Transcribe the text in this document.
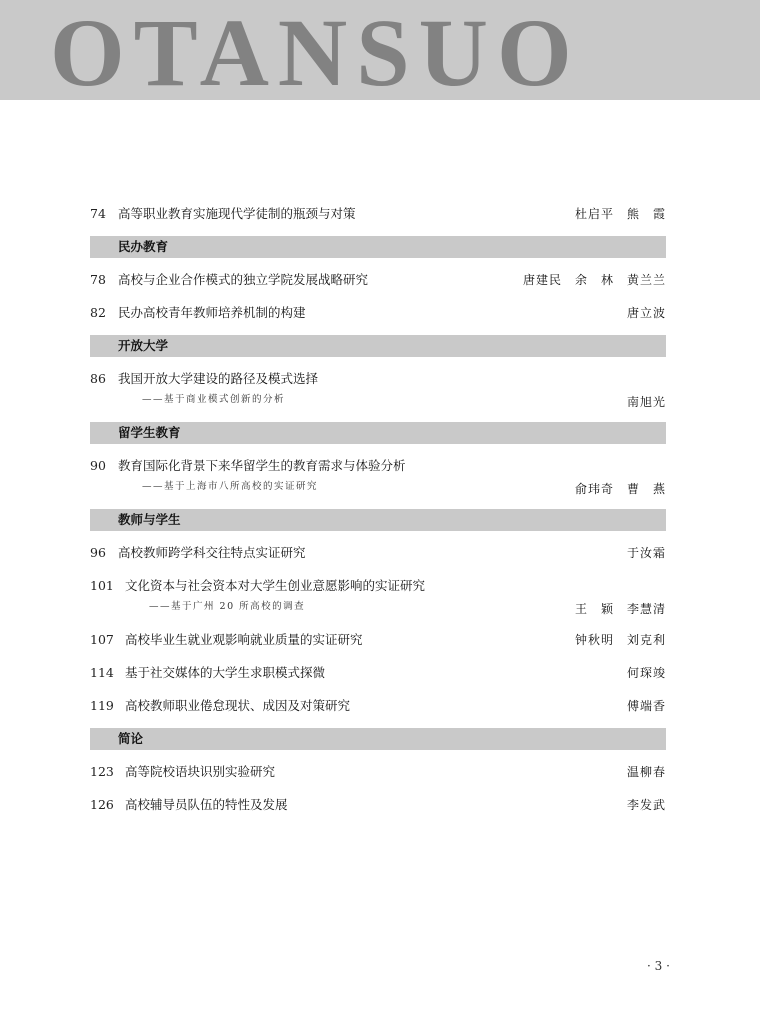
OTANSUO
74 高等职业教育实施现代学徒制的瓶颈与对策	杜启平　熊　霞
民办教育
78 高校与企业合作模式的独立学院发展战略研究	唐建民　余　林　黄兰兰
82 民办高校青年教师培养机制的构建	唐立波
开放大学
86 我国开放大学建设的路径及模式选择
——基于商业模式创新的分析	南旭光
留学生教育
90 教育国际化背景下来华留学生的教育需求与体验分析
——基于上海市八所高校的实证研究	俞玮奇　曹　燕
教师与学生
96 高校教师跨学科交往特点实证研究	于汝霜
101 文化资本与社会资本对大学生创业意愿影响的实证研究
——基于广州 20 所高校的调查	王　颖　李慧清
107 高校毕业生就业观影响就业质量的实证研究	钟秋明　刘克利
114 基于社交媒体的大学生求职模式探微	何琛竣
119 高校教师职业倦怠现状、成因及对策研究	傅端香
简论
123 高等院校语块识别实验研究	温柳春
126 高校辅导员队伍的特性及发展	李发武
· 3 ·
